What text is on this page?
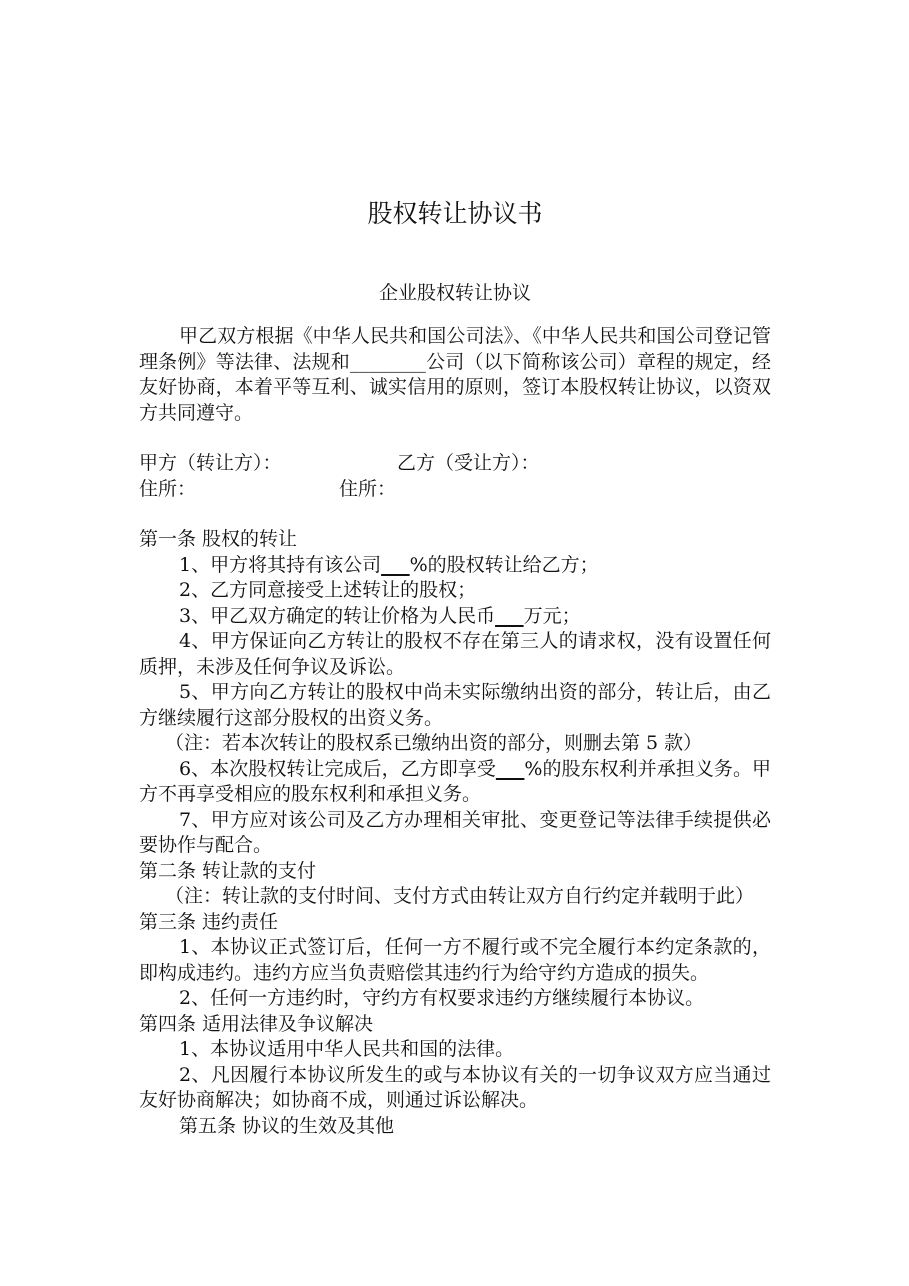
股权转让协议书
企业股权转让协议

甲乙双方根据《中华人民共和国公司法》、《中华人民共和国公司登记管理条例》等法律、法规和________公司（以下简称该公司）章程的规定，经友好协商，本着平等互利、诚实信用的原则，签订本股权转让协议，以资双方共同遵守。

甲方（转让方）：	乙方（受让方）：
住所：	住所：

第一条 股权的转让

1、甲方将其持有该公司___%的股权转让给乙方；

2、乙方同意接受上述转让的股权；

3、甲乙双方确定的转让价格为人民币___万元；

4、甲方保证向乙方转让的股权不存在第三人的请求权，没有设置任何质押，未涉及任何争议及诉讼。

5、甲方向乙方转让的股权中尚未实际缴纳出资的部分，转让后，由乙方继续履行这部分股权的出资义务。

（注：若本次转让的股权系已缴纳出资的部分，则删去第 5 款）

6、本次股权转让完成后，乙方即享受___%的股东权利并承担义务。甲方不再享受相应的股东权利和承担义务。

7、甲方应对该公司及乙方办理相关审批、变更登记等法律手续提供必要协作与配合。

第二条 转让款的支付

（注：转让款的支付时间、支付方式由转让双方自行约定并载明于此）

第三条 违约责任

1、本协议正式签订后，任何一方不履行或不完全履行本约定条款的，即构成违约。违约方应当负责赔偿其违约行为给守约方造成的损失。

2、任何一方违约时，守约方有权要求违约方继续履行本协议。

第四条 适用法律及争议解决

1、本协议适用中华人民共和国的法律。

2、凡因履行本协议所发生的或与本协议有关的一切争议双方应当通过友好协商解决；如协商不成，则通过诉讼解决。

第五条 协议的生效及其他
